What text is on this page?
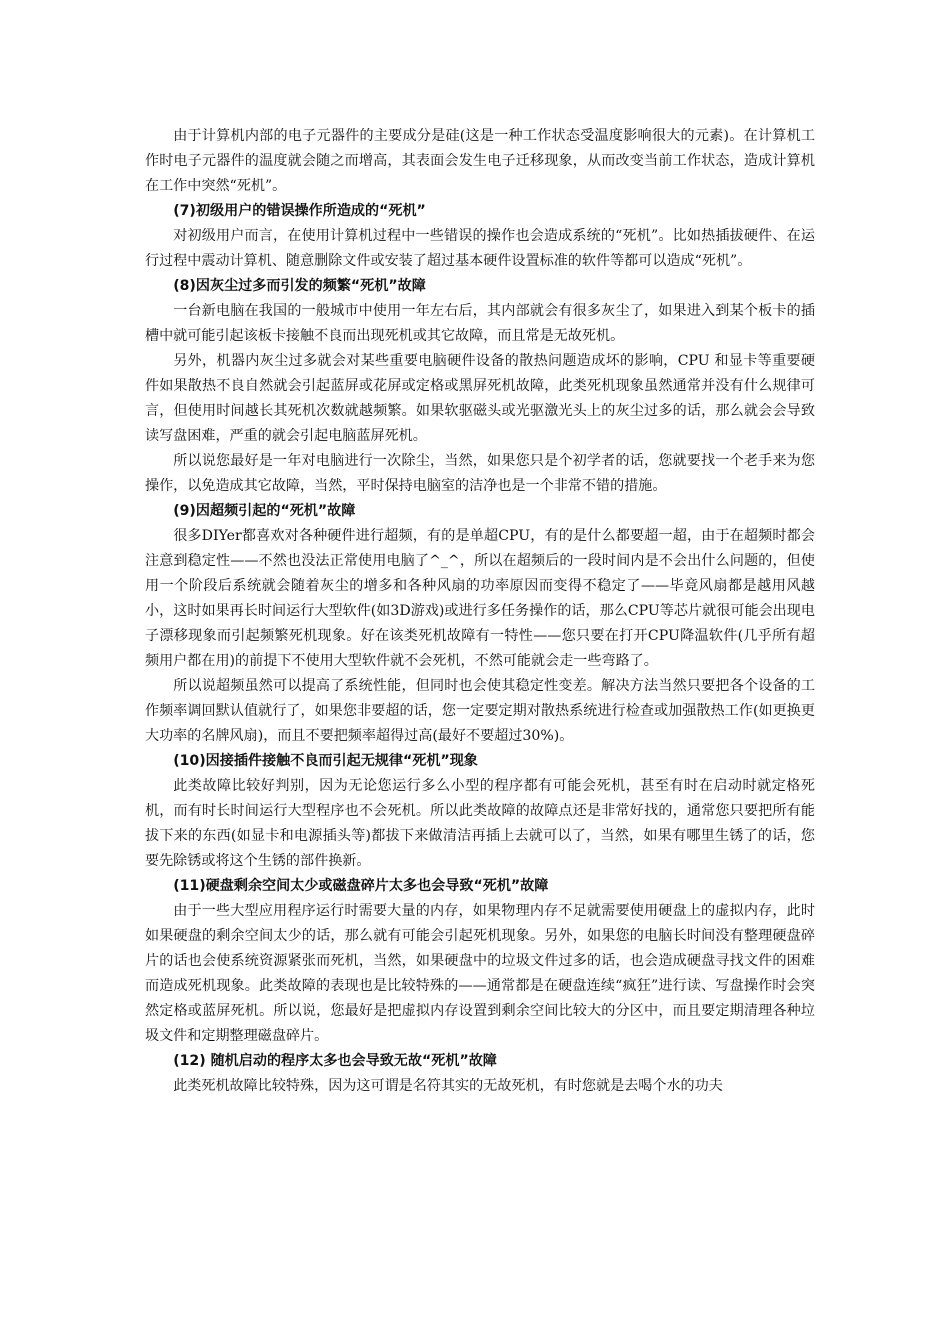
由于计算机内部的电子元器件的主要成分是硅(这是一种工作状态受温度影响很大的元素)。在计算机工作时电子元器件的温度就会随之而增高，其表面会发生电子迁移现象，从而改变当前工作状态，造成计算机在工作中突然“死机”。

(7)初级用户的错误操作所造成的“死机”

对初级用户而言，在使用计算机过程中一些错误的操作也会造成系统的“死机”。比如热插拔硬件、在运行过程中震动计算机、随意删除文件或安装了超过基本硬件设置标准的软件等都可以造成“死机”。

(8)因灰尘过多而引发的频繁“死机”故障

一台新电脑在我国的一般城市中使用一年左右后，其内部就会有很多灰尘了，如果进入到某个板卡的插槽中就可能引起该板卡接触不良而出现死机或其它故障，而且常是无故死机。

另外，机器内灰尘过多就会对某些重要电脑硬件设备的散热问题造成坏的影响，CPU 和显卡等重要硬件如果散热不良自然就会引起蓝屏或花屏或定格或黑屏死机故障，此类死机现象虽然通常并没有什么规律可言，但使用时间越长其死机次数就越频繁。如果软驱磁头或光驱激光头上的灰尘过多的话，那么就会会导致读写盘困难，严重的就会引起电脑蓝屏死机。

所以说您最好是一年对电脑进行一次除尘，当然，如果您只是个初学者的话，您就要找一个老手来为您操作，以免造成其它故障，当然，平时保持电脑室的洁净也是一个非常不错的措施。

(9)因超频引起的“死机”故障

很多DIYer都喜欢对各种硬件进行超频，有的是单超CPU，有的是什么都要超一超，由于在超频时都会注意到稳定性——不然也没法正常使用电脑了^_^，所以在超频后的一段时间内是不会出什么问题的，但使用一个阶段后系统就会随着灰尘的增多和各种风扇的功率原因而变得不稳定了——毕竟风扇都是越用风越小，这时如果再长时间运行大型软件(如3D游戏)或进行多任务操作的话，那么CPU等芯片就很可能会出现电子漂移现象而引起频繁死机现象。好在该类死机故障有一特性——您只要在打开CPU降温软件(几乎所有超频用户都在用)的前提下不使用大型软件就不会死机，不然可能就会走一些弯路了。

所以说超频虽然可以提高了系统性能，但同时也会使其稳定性变差。解决方法当然只要把各个设备的工作频率调回默认值就行了，如果您非要超的话，您一定要定期对散热系统进行检查或加强散热工作(如更换更大功率的名牌风扇)，而且不要把频率超得过高(最好不要超过30%)。

(10)因接插件接触不良而引起无规律“死机”现象

此类故障比较好判别，因为无论您运行多么小型的程序都有可能会死机，甚至有时在启动时就定格死机，而有时长时间运行大型程序也不会死机。所以此类故障的故障点还是非常好找的，通常您只要把所有能拔下来的东西(如显卡和电源插头等)都拔下来做清洁再插上去就可以了，当然，如果有哪里生锈了的话，您要先除锈或将这个生锈的部件换新。

(11)硬盘剩余空间太少或磁盘碎片太多也会导致“死机”故障

由于一些大型应用程序运行时需要大量的内存，如果物理内存不足就需要使用硬盘上的虚拟内存，此时如果硬盘的剩余空间太少的话，那么就有可能会引起死机现象。另外，如果您的电脑长时间没有整理硬盘碎片的话也会使系统资源紧张而死机，当然，如果硬盘中的垃圾文件过多的话，也会造成硬盘寻找文件的困难而造成死机现象。此类故障的表现也是比较特殊的——通常都是在硬盘连续“疯狂”进行读、写盘操作时会突然定格或蓝屏死机。所以说，您最好是把虚拟内存设置到剩余空间比较大的分区中，而且要定期清理各种垃圾文件和定期整理磁盘碎片。

(12) 随机启动的程序太多也会导致无故“死机”故障

此类死机故障比较特殊，因为这可谓是名符其实的无故死机，有时您就是去喝个水的功夫
